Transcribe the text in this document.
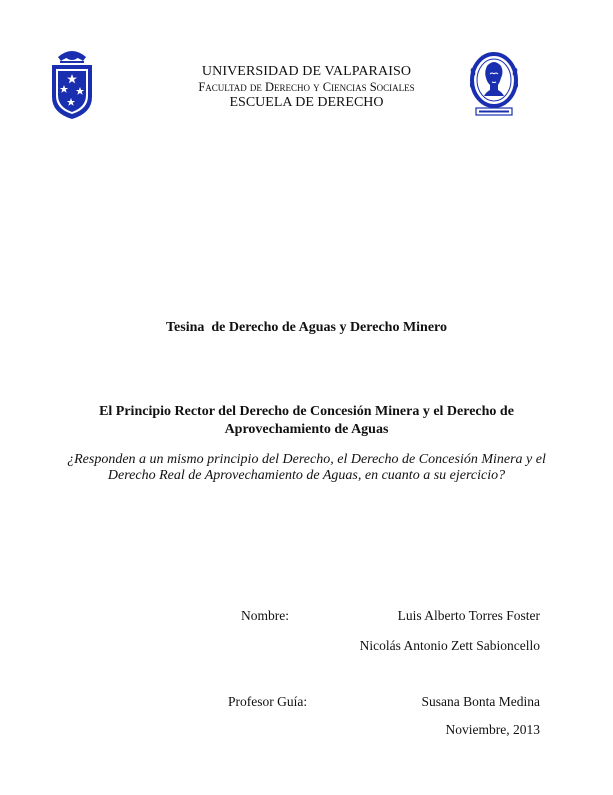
UNIVERSIDAD DE VALPARAISO
Facultad de Derecho y Ciencias Sociales
ESCUELA DE DERECHO
Tesina  de Derecho de Aguas y Derecho Minero
El Principio Rector del Derecho de Concesión Minera y el Derecho de
Aprovechamiento de Aguas
¿Responden a un mismo principio del Derecho, el Derecho de Concesión Minera y el
Derecho Real de Aprovechamiento de Aguas, en cuanto a su ejercicio?
Nombre:	Luis Alberto Torres Foster
Nicolás Antonio Zett Sabioncello
Profesor Guía:	Susana Bonta Medina
Noviembre, 2013
